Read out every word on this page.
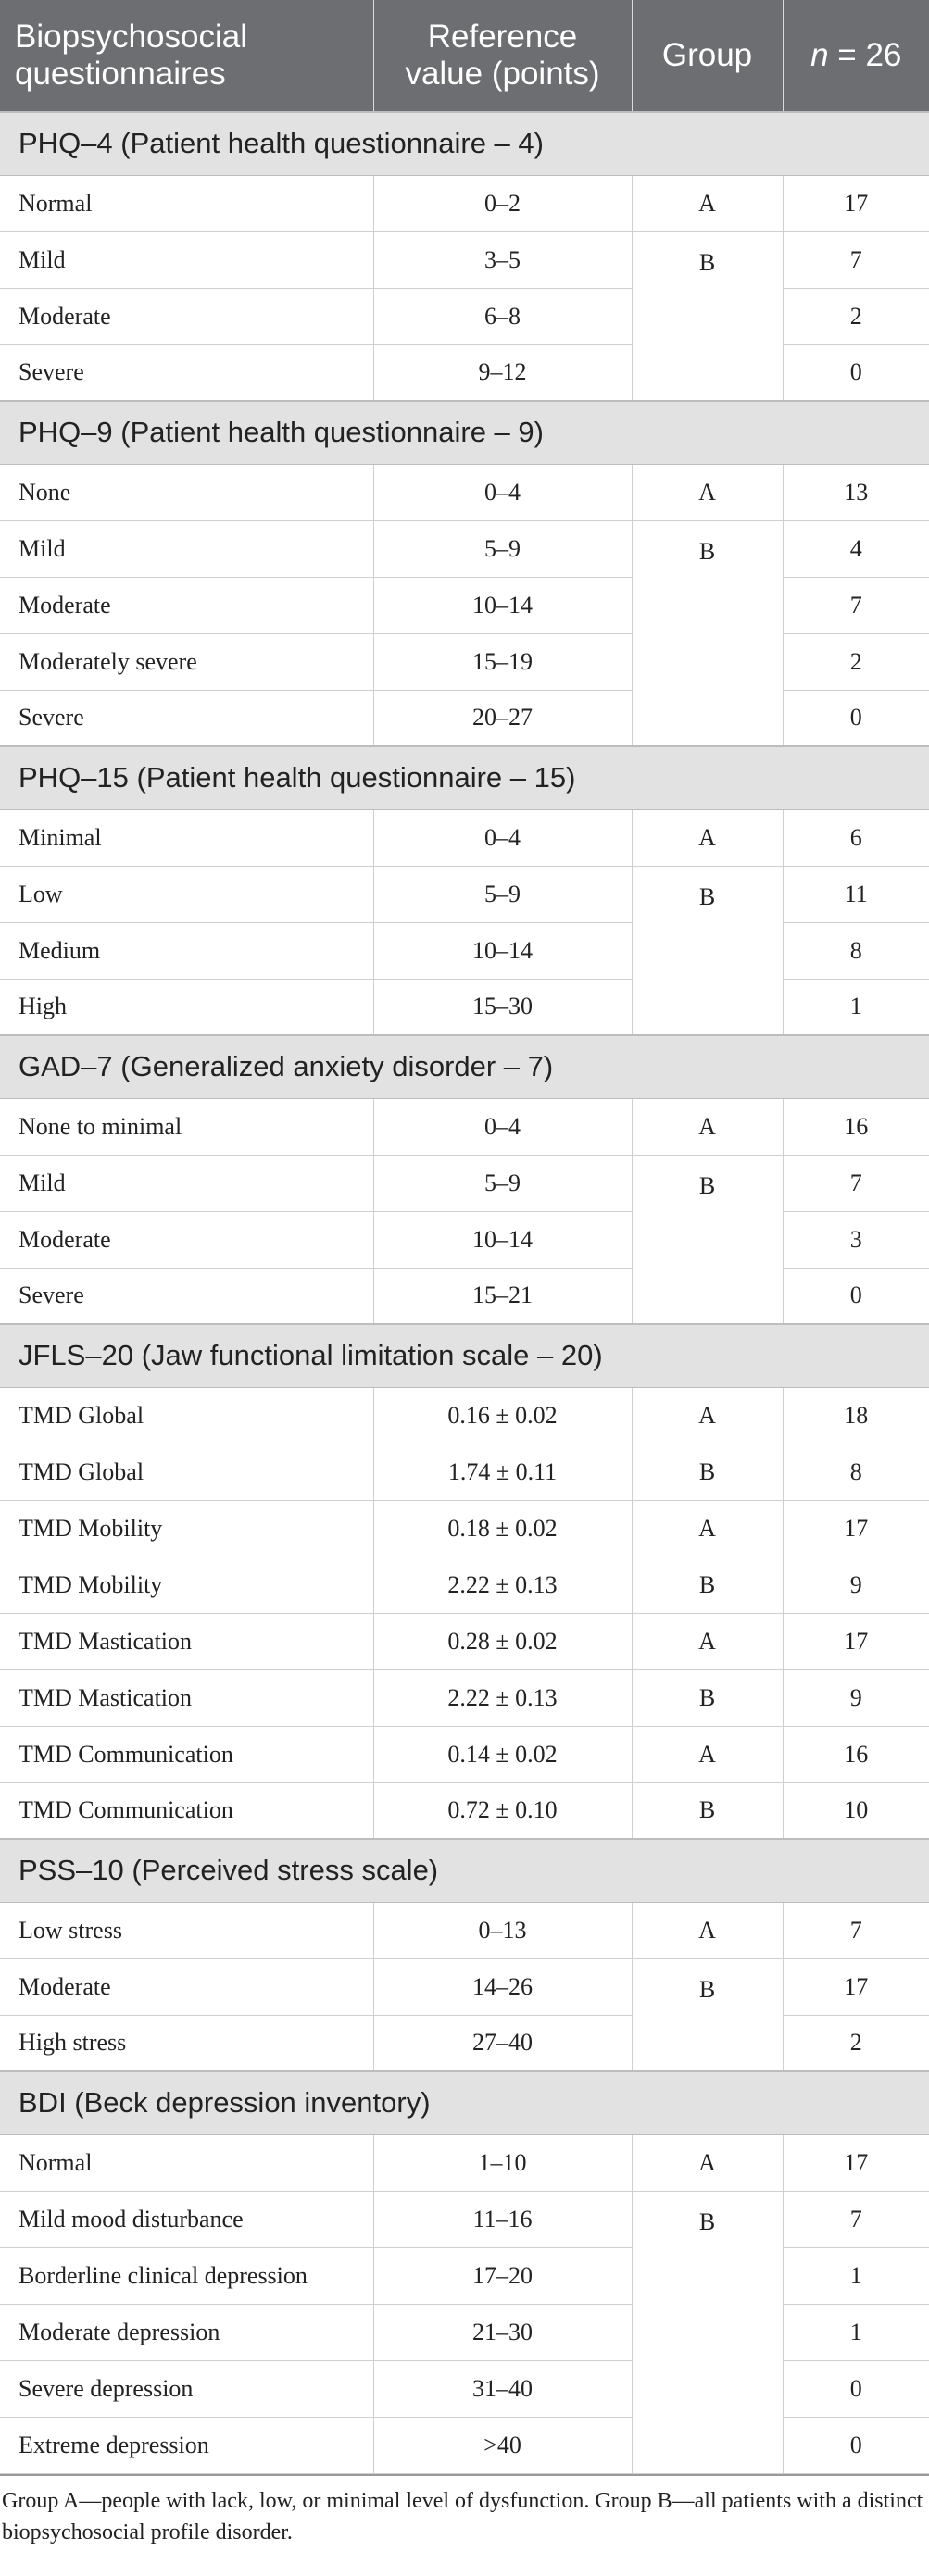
Biopsychosocial questionnaires	Reference value (points)	Group	n = 26
PHQ–4 (Patient health questionnaire – 4)			
Normal	0–2	A	17
Mild	3–5	B	7
Moderate	6–8		2
Severe	9–12		0
PHQ–9 (Patient health questionnaire – 9)			
None	0–4	A	13
Mild	5–9	B	4
Moderate	10–14		7
Moderately severe	15–19		2
Severe	20–27		0
PHQ–15 (Patient health questionnaire – 15)			
Minimal	0–4	A	6
Low	5–9	B	11
Medium	10–14		8
High	15–30		1
GAD–7 (Generalized anxiety disorder – 7)			
None to minimal	0–4	A	16
Mild	5–9	B	7
Moderate	10–14		3
Severe	15–21		0
JFLS–20 (Jaw functional limitation scale – 20)			
TMD Global	0.16 ± 0.02	A	18
TMD Global	1.74 ± 0.11	B	8
TMD Mobility	0.18 ± 0.02	A	17
TMD Mobility	2.22 ± 0.13	B	9
TMD Mastication	0.28 ± 0.02	A	17
TMD Mastication	2.22 ± 0.13	B	9
TMD Communication	0.14 ± 0.02	A	16
TMD Communication	0.72 ± 0.10	B	10
PSS–10 (Perceived stress scale)			
Low stress	0–13	A	7
Moderate	14–26	B	17
High stress	27–40		2
BDI (Beck depression inventory)			
Normal	1–10	A	17
Mild mood disturbance	11–16	B	7
Borderline clinical depression	17–20		1
Moderate depression	21–30		1
Severe depression	31–40		0
Extreme depression	>40		0
Group A—people with lack, low, or minimal level of dysfunction. Group B—all patients with a distinct biopsychosocial profile disorder.
